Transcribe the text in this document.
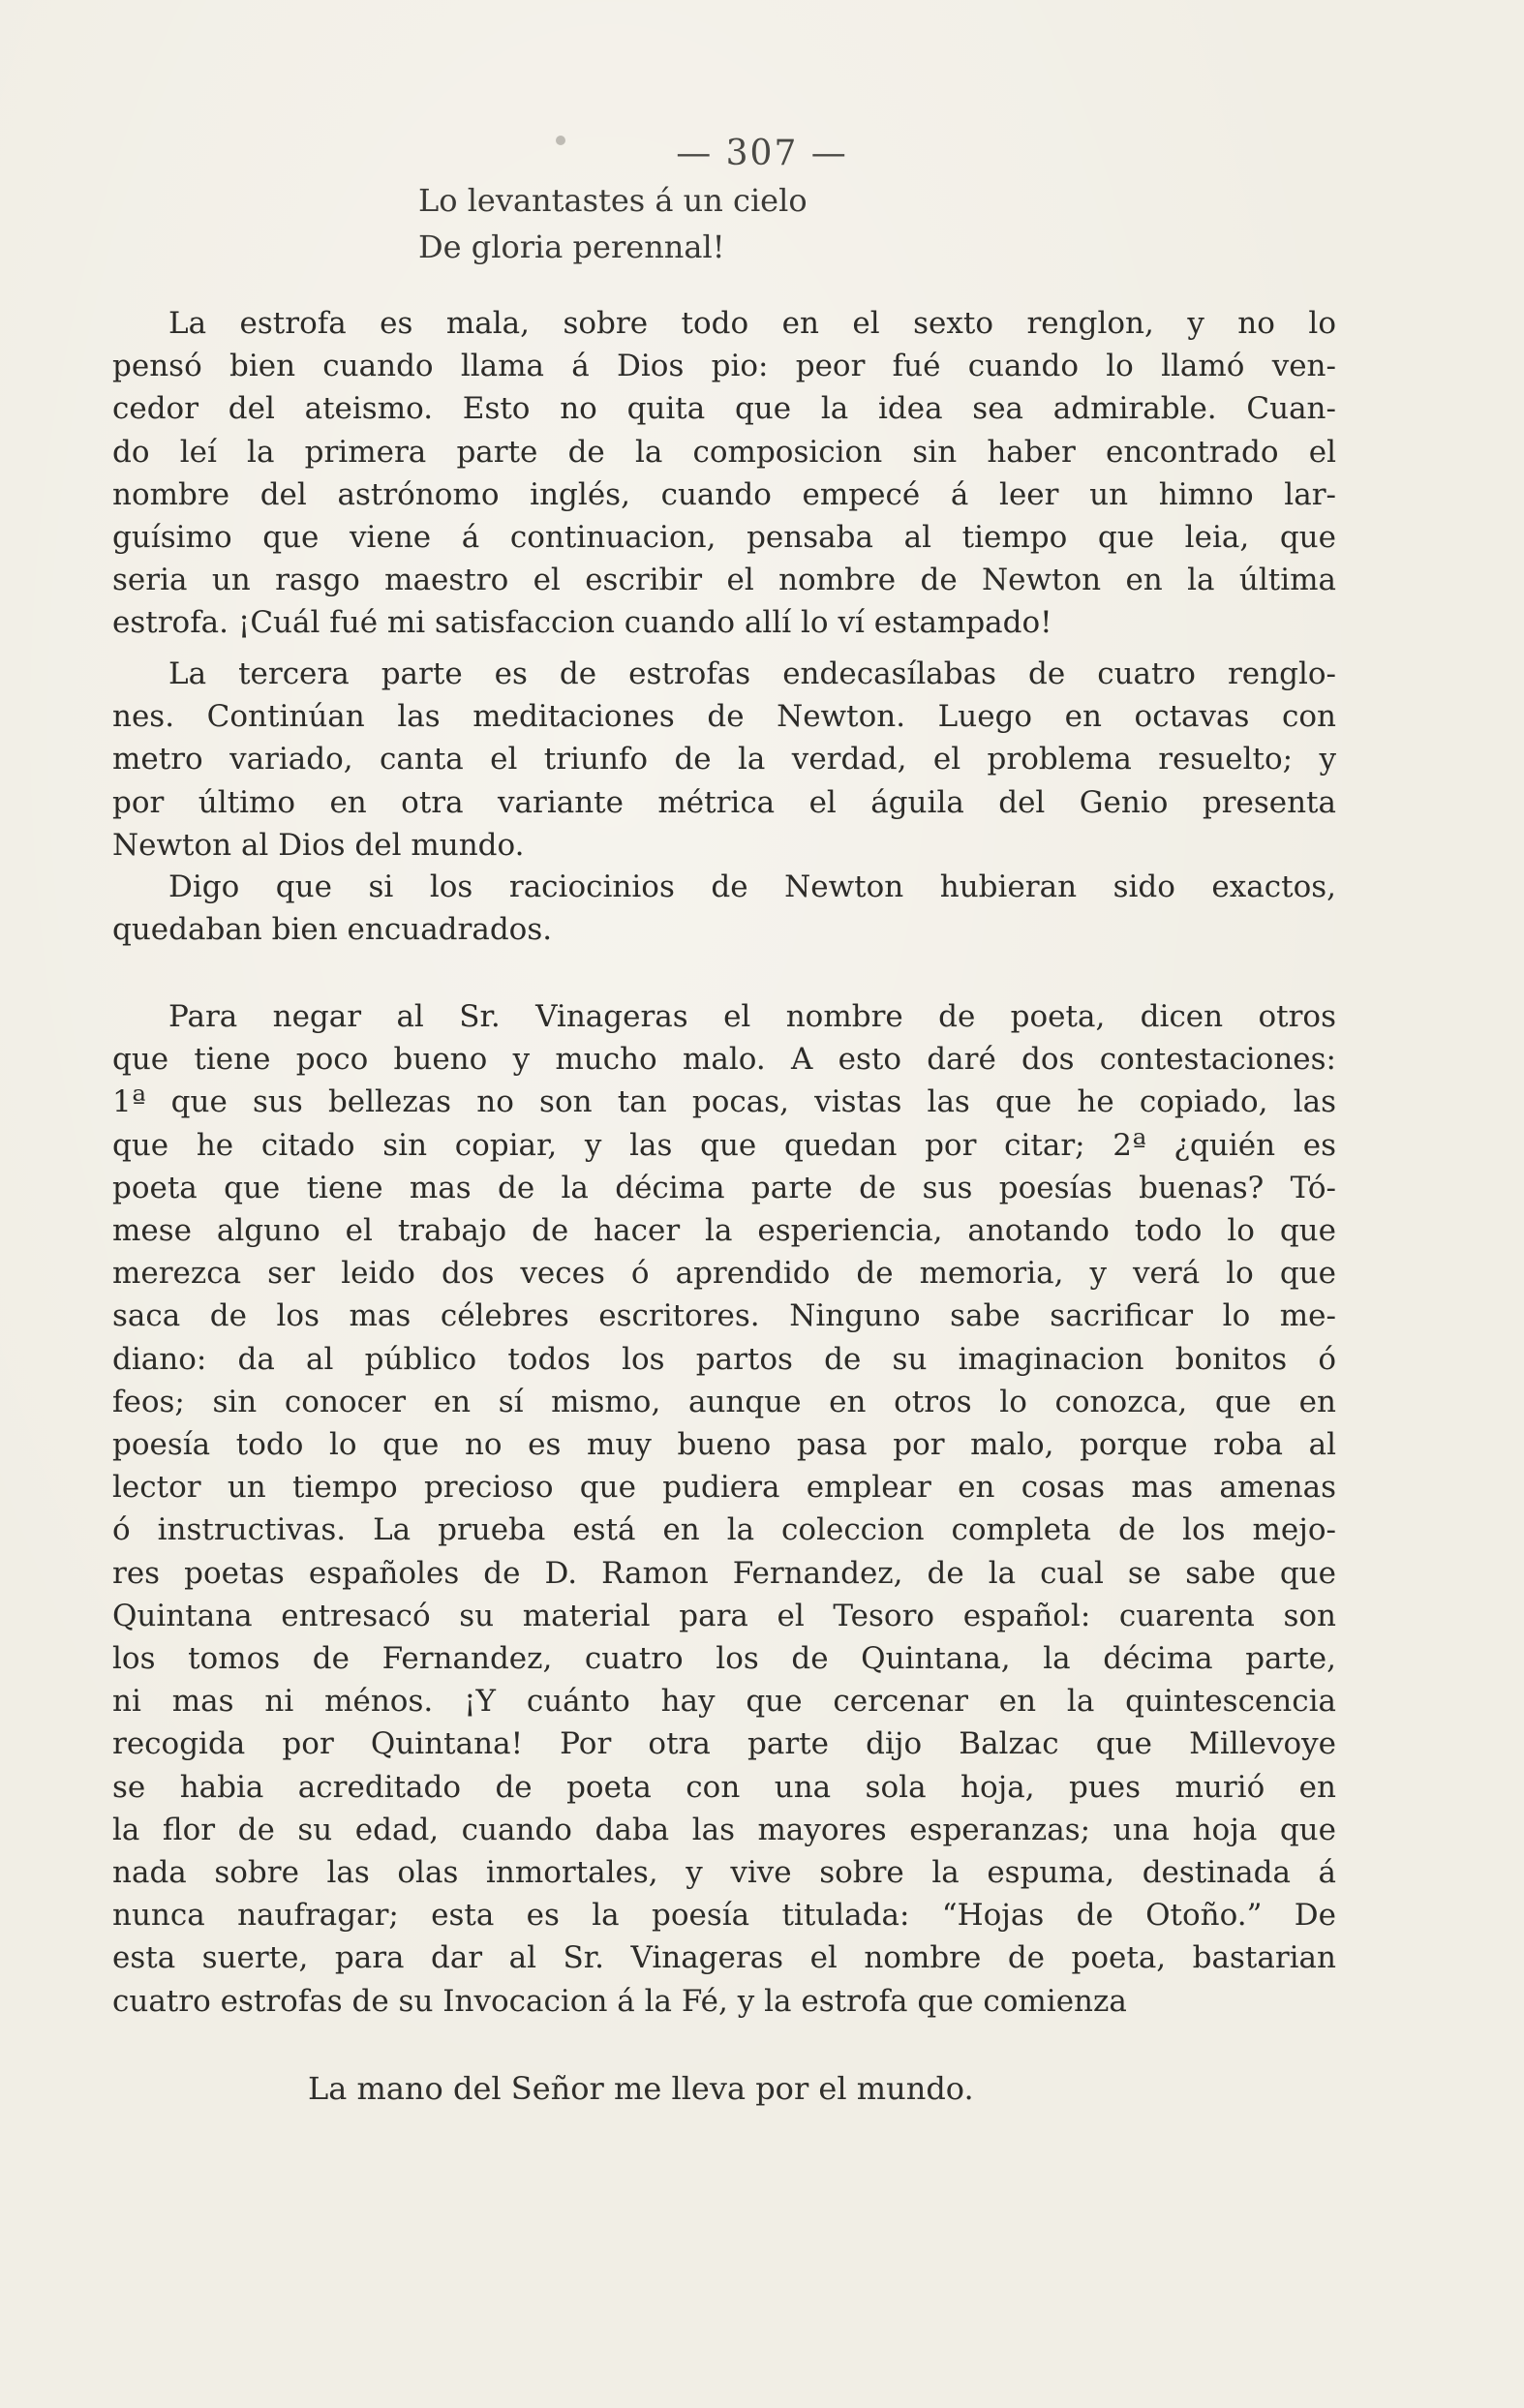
— 307 —
Lo levantastes á un cielo
De gloria perennal!
La estrofa es mala, sobre todo en el sexto renglon, y no lo
pensó bien cuando llama á Dios pio: peor fué cuando lo llamó ven-
cedor del ateismo. Esto no quita que la idea sea admirable. Cuan-
do leí la primera parte de la composicion sin haber encontrado el
nombre del astrónomo inglés, cuando empecé á leer un himno lar-
guísimo que viene á continuacion, pensaba al tiempo que leia, que
seria un rasgo maestro el escribir el nombre de Newton en la última
estrofa. ¡Cuál fué mi satisfaccion cuando allí lo ví estampado!
La tercera parte es de estrofas endecasílabas de cuatro renglo-
nes. Continúan las meditaciones de Newton. Luego en octavas con
metro variado, canta el triunfo de la verdad, el problema resuelto; y
por último en otra variante métrica el águila del Genio presenta
Newton al Dios del mundo.
Digo que si los raciocinios de Newton hubieran sido exactos,
quedaban bien encuadrados.
Para negar al Sr. Vinageras el nombre de poeta, dicen otros
que tiene poco bueno y mucho malo. A esto daré dos contestaciones:
1ª que sus bellezas no son tan pocas, vistas las que he copiado, las
que he citado sin copiar, y las que quedan por citar; 2ª ¿quién es
poeta que tiene mas de la décima parte de sus poesías buenas? Tó-
mese alguno el trabajo de hacer la esperiencia, anotando todo lo que
merezca ser leido dos veces ó aprendido de memoria, y verá lo que
saca de los mas célebres escritores. Ninguno sabe sacrificar lo me-
diano: da al público todos los partos de su imaginacion bonitos ó
feos; sin conocer en sí mismo, aunque en otros lo conozca, que en
poesía todo lo que no es muy bueno pasa por malo, porque roba al
lector un tiempo precioso que pudiera emplear en cosas mas amenas
ó instructivas. La prueba está en la coleccion completa de los mejo-
res poetas españoles de D. Ramon Fernandez, de la cual se sabe que
Quintana entresacó su material para el Tesoro español: cuarenta son
los tomos de Fernandez, cuatro los de Quintana, la décima parte,
ni mas ni ménos. ¡Y cuánto hay que cercenar en la quintescencia
recogida por Quintana! Por otra parte dijo Balzac que Millevoye
se habia acreditado de poeta con una sola hoja, pues murió en
la flor de su edad, cuando daba las mayores esperanzas; una hoja que
nada sobre las olas inmortales, y vive sobre la espuma, destinada á
nunca naufragar; esta es la poesía titulada: “Hojas de Otoño.” De
esta suerte, para dar al Sr. Vinageras el nombre de poeta, bastarian
cuatro estrofas de su Invocacion á la Fé, y la estrofa que comienza
La mano del Señor me lleva por el mundo.
